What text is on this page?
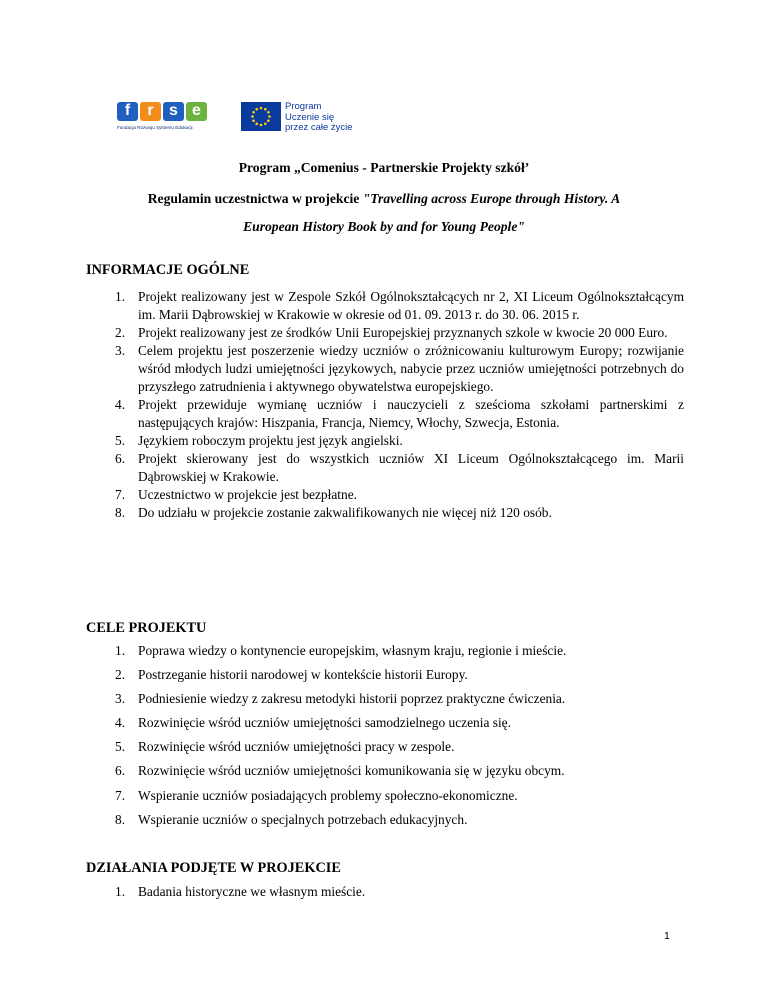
f	r s e
Fundacja Rozwoju Systemu Edukacji
Program
Uczenie się
przez całe życie
Program „Comenius - Partnerskie Projekty szkół’
Regulamin uczestnictwa w projekcie "Travelling across Europe through History. A
European History Book by and for Young People"
INFORMACJE OGÓLNE
1. Projekt realizowany jest w Zespole Szkół Ogólnokształcących nr 2, XI Liceum Ogólnokształcącym im. Marii Dąbrowskiej w Krakowie w okresie od 01. 09. 2013 r. do 30. 06. 2015 r.
2. Projekt realizowany jest ze środków Unii Europejskiej przyznanych szkole w kwocie 20 000 Euro.
3. Celem projektu jest poszerzenie wiedzy uczniów o zróżnicowaniu kulturowym Europy; rozwijanie wśród młodych ludzi umiejętności językowych, nabycie przez uczniów umiejętności potrzebnych do przyszłego zatrudnienia i aktywnego obywatelstwa europejskiego.
4. Projekt przewiduje wymianę uczniów i nauczycieli z sześcioma szkołami partnerskimi z następujących krajów: Hiszpania, Francja, Niemcy, Włochy, Szwecja, Estonia.
5. Językiem roboczym projektu jest język angielski.
6. Projekt skierowany jest do wszystkich uczniów XI Liceum Ogólnokształcącego im. Marii Dąbrowskiej w Krakowie.
7. Uczestnictwo w projekcie jest bezpłatne.
8. Do udziału w projekcie zostanie zakwalifikowanych nie więcej niż 120 osób.
CELE PROJEKTU
1. Poprawa wiedzy o kontynencie europejskim, własnym kraju, regionie i mieście.
2. Postrzeganie historii narodowej w kontekście historii Europy.
3. Podniesienie wiedzy z zakresu metodyki historii poprzez praktyczne ćwiczenia.
4. Rozwinięcie wśród uczniów umiejętności samodzielnego uczenia się.
5. Rozwinięcie wśród uczniów umiejętności pracy w zespole.
6. Rozwinięcie wśród uczniów umiejętności komunikowania się w języku obcym.
7. Wspieranie uczniów posiadających problemy społeczno-ekonomiczne.
8. Wspieranie uczniów o specjalnych potrzebach edukacyjnych.
DZIAŁANIA PODJĘTE W PROJEKCIE
1. Badania historyczne we własnym mieście.
1
